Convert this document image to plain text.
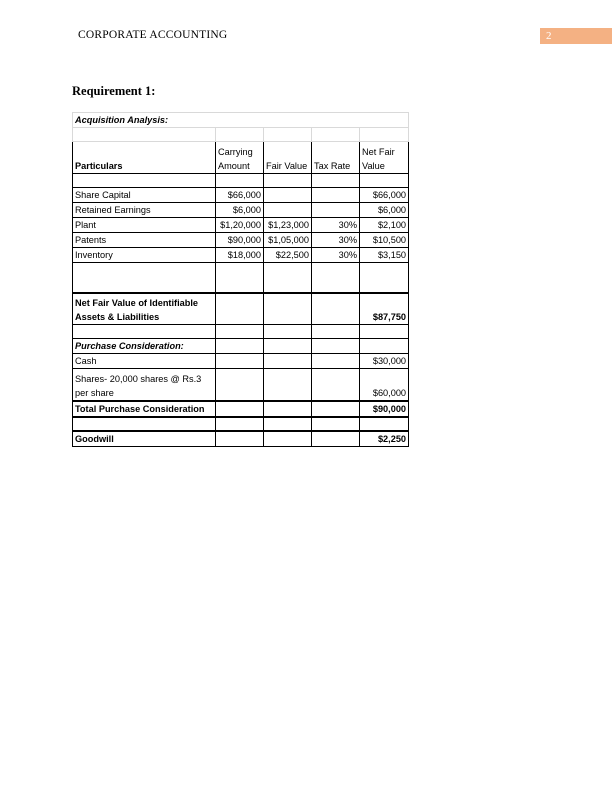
CORPORATE ACCOUNTING	2
Requirement 1:
Acquisition Analysis:				

Particulars	Carrying Amount	Fair Value	Tax Rate	Net Fair Value

Share Capital	$66,000			$66,000
Retained Earnings	$6,000			$6,000
Plant	$1,20,000	$1,23,000	30%	$2,100
Patents	$90,000	$1,05,000	30%	$10,500
Inventory	$18,000	$22,500	30%	$3,150

Net Fair Value of Identifiable Assets & Liabilities				$87,750

Purchase Consideration:				
Cash				$30,000
Shares- 20,000 shares @ Rs.3 per share				$60,000
Total Purchase Consideration				$90,000

Goodwill				$2,250
